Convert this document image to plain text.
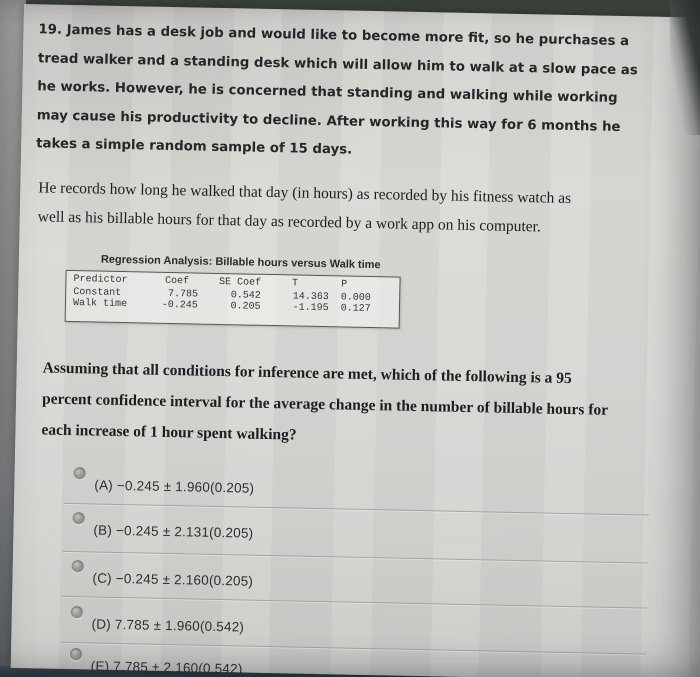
19. James has a desk job and would like to become more fit, so he purchases a
tread walker and a standing desk which will allow him to walk at a slow pace as
he works. However, he is concerned that standing and walking while working
may cause his productivity to decline. After working this way for 6 months he
takes a simple random sample of 15 days.
He records how long he walked that day (in hours) as recorded by his fitness watch as
well as his billable hours for that day as recorded by a work app on his computer.
Regression Analysis: Billable hours versus Walk time
Predictor	Coef	SE Coef	T	P
Constant	7.785	0.542	14.363	0.000
Walk time	-0.245	0.205	-1.195	0.127
Assuming that all conditions for inference are met, which of the following is a 95
percent confidence interval for the average change in the number of billable hours for
each increase of 1 hour spent walking?
(A) −0.245 ± 1.960(0.205)
(B) −0.245 ± 2.131(0.205)
(C) −0.245 ± 2.160(0.205)
(D) 7.785 ± 1.960(0.542)
(E) 7.785 ± 2.160(0.542)
